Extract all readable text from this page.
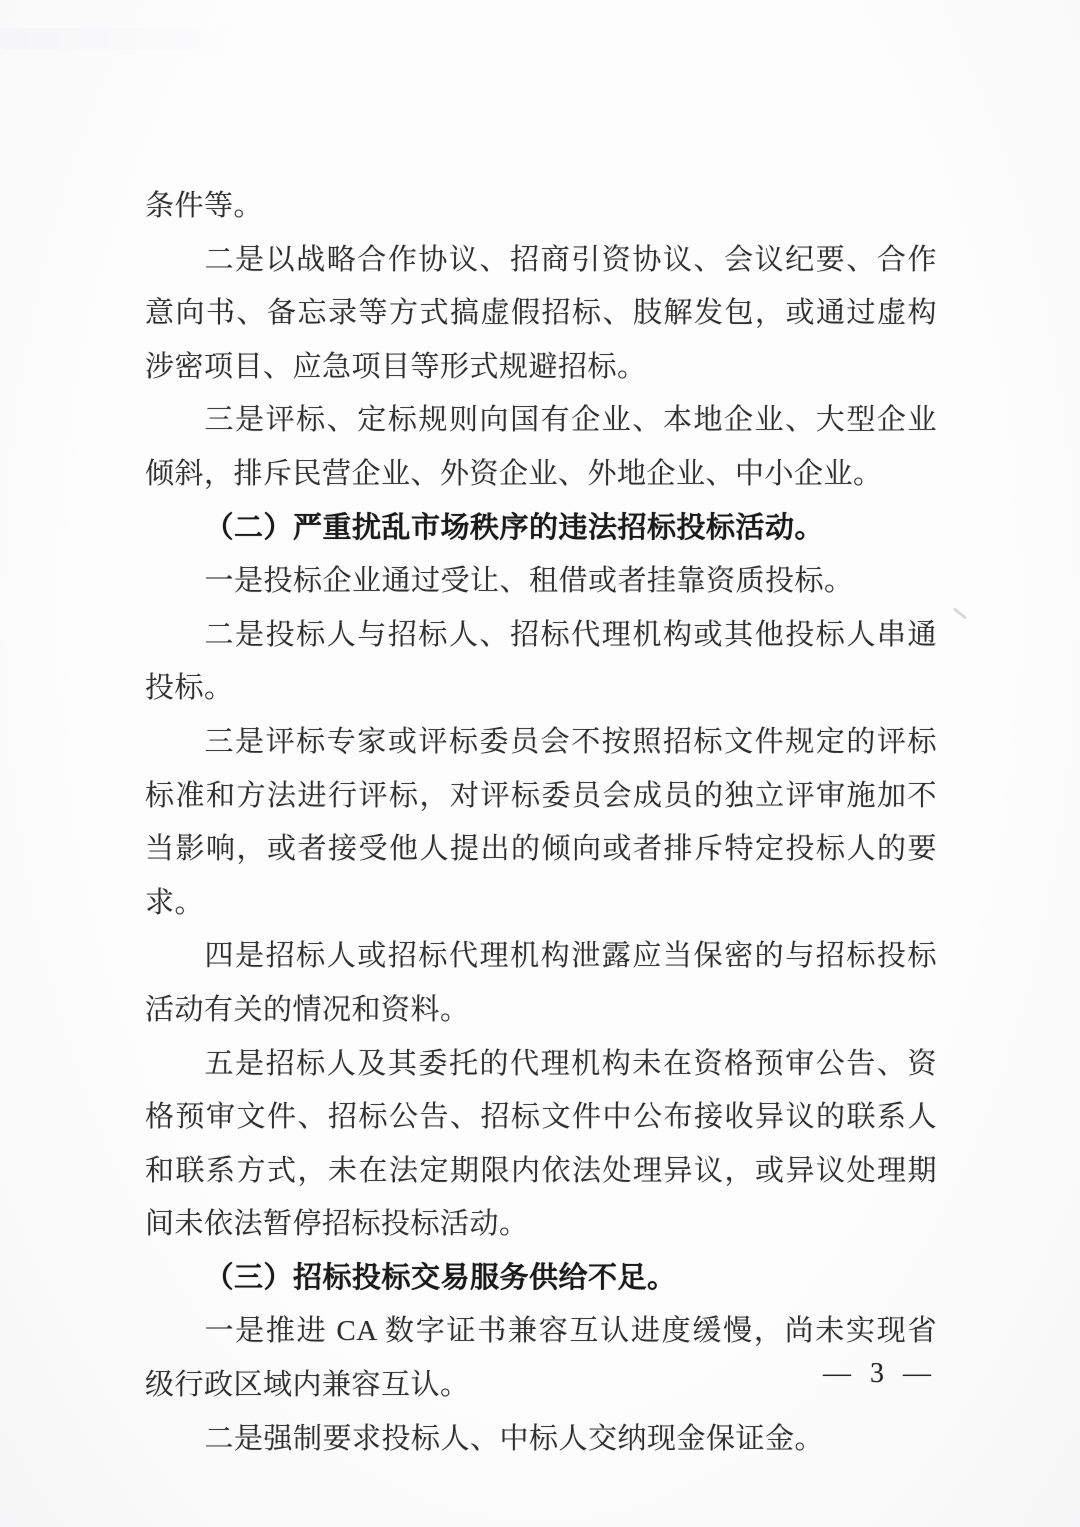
条件等。

二是以战略合作协议、招商引资协议、会议纪要、合作意向书、备忘录等方式搞虚假招标、肢解发包，或通过虚构涉密项目、应急项目等形式规避招标。

三是评标、定标规则向国有企业、本地企业、大型企业倾斜，排斥民营企业、外资企业、外地企业、中小企业。

（二）严重扰乱市场秩序的违法招标投标活动。

一是投标企业通过受让、租借或者挂靠资质投标。

二是投标人与招标人、招标代理机构或其他投标人串通投标。

三是评标专家或评标委员会不按照招标文件规定的评标标准和方法进行评标，对评标委员会成员的独立评审施加不当影响，或者接受他人提出的倾向或者排斥特定投标人的要求。

四是招标人或招标代理机构泄露应当保密的与招标投标活动有关的情况和资料。

五是招标人及其委托的代理机构未在资格预审公告、资格预审文件、招标公告、招标文件中公布接收异议的联系人和联系方式，未在法定期限内依法处理异议，或异议处理期间未依法暂停招标投标活动。

（三）招标投标交易服务供给不足。

一是推进 CA 数字证书兼容互认进度缓慢，尚未实现省级行政区域内兼容互认。

二是强制要求投标人、中标人交纳现金保证金。

— 3 —
